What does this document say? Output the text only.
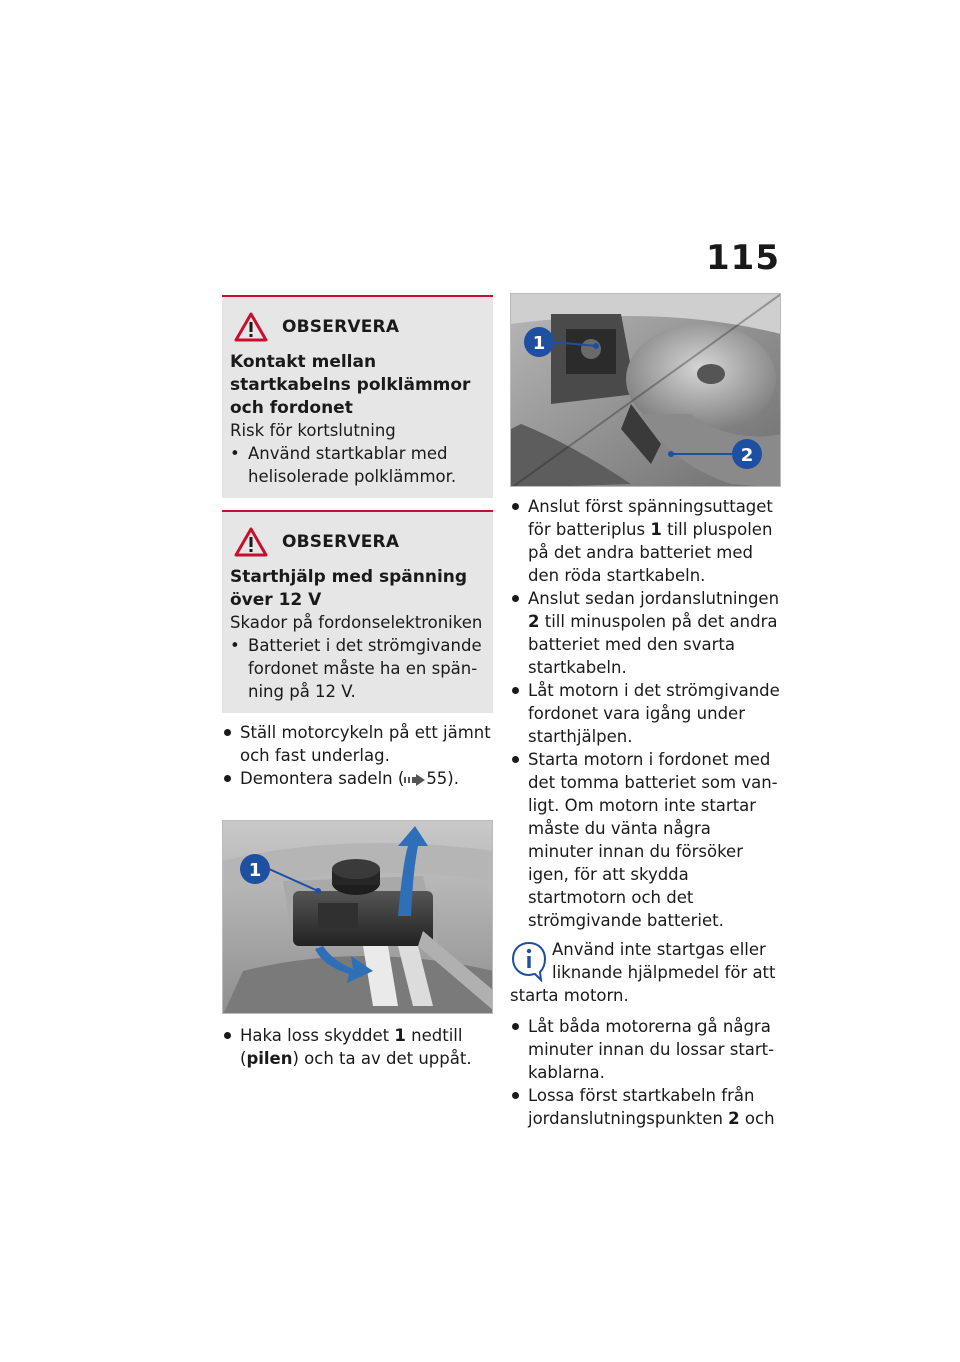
115
OBSERVERA
Kontakt mellan startkabelns polklämmor och fordonet
Risk för kortslutning
• Använd startkablar med helisolerade polklämmor.
OBSERVERA
Starthjälp med spänning över 12 V
Skador på fordonselektroniken
• Batteriet i det strömgivande fordonet måste ha en spänning på 12 V.
Ställ motorcykeln på ett jämnt och fast underlag.
Demontera sadeln ( 55).
1
Haka loss skyddet 1 nedtill (pilen) och ta av det uppåt.
1
2
Anslut först spänningsuttaget för batteriplus 1 till pluspolen på det andra batteriet med den röda startkabeln.
Anslut sedan jordanslutningen 2 till minuspolen på det andra batteriet med den svarta startkabeln.
Låt motorn i det strömgivande fordonet vara igång under starthjälpen.
Starta motorn i fordonet med det tomma batteriet som vanligt. Om motorn inte startar måste du vänta några minuter innan du försöker igen, för att skydda startmotorn och det strömgivande batteriet.
Använd inte startgas eller liknande hjälpmedel för att starta motorn.
Låt båda motorerna gå några minuter innan du lossar startkablarna.
Lossa först startkabeln från jordanslutningspunkten 2 och
